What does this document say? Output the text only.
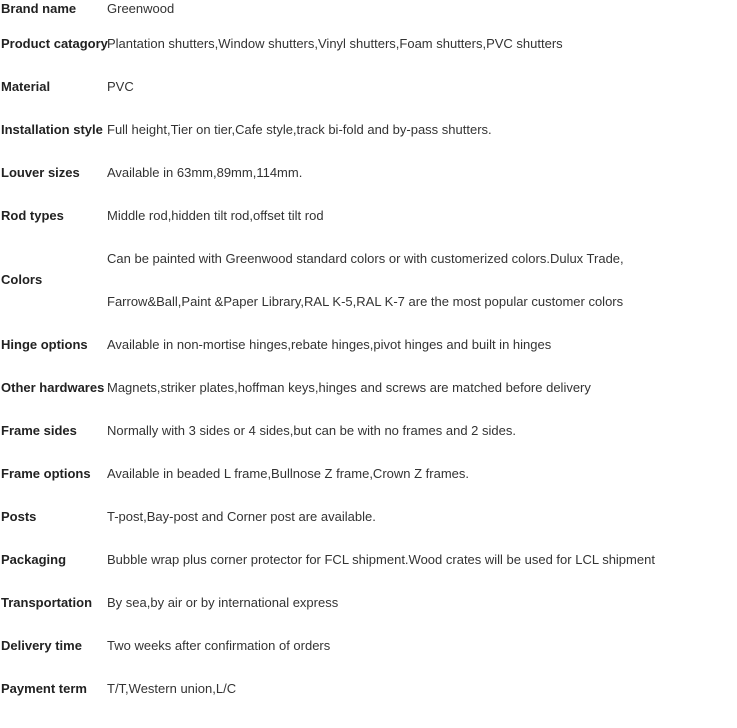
Brand name	Greenwood
Product catagory	Plantation shutters,Window shutters,Vinyl shutters,Foam shutters,PVC shutters
Material	PVC
Installation style	Full height,Tier on tier,Cafe style,track bi-fold and by-pass shutters.
Louver sizes	Available in 63mm,89mm,114mm.
Rod types	Middle rod,hidden tilt rod,offset tilt rod
Colors	Can be painted with Greenwood standard colors or with customerized colors.Dulux Trade,
Farrow&Ball,Paint &Paper Library,RAL K-5,RAL K-7 are the most popular customer colors

Hinge options	Available in non-mortise hinges,rebate hinges,pivot hinges and built in hinges
Other hardwares	Magnets,striker plates,hoffman keys,hinges and screws are matched before delivery
Frame sides	Normally with 3 sides or 4 sides,but can be with no frames and 2 sides.
Frame options	Available in beaded L frame,Bullnose Z frame,Crown Z frames.
Posts	T-post,Bay-post and Corner post are available.
Packaging	Bubble wrap plus corner protector for FCL shipment.Wood crates will be used for LCL shipment
Transportation	By sea,by air or by international express
Delivery time	Two weeks after confirmation of orders
Payment term	T/T,Western union,L/C
